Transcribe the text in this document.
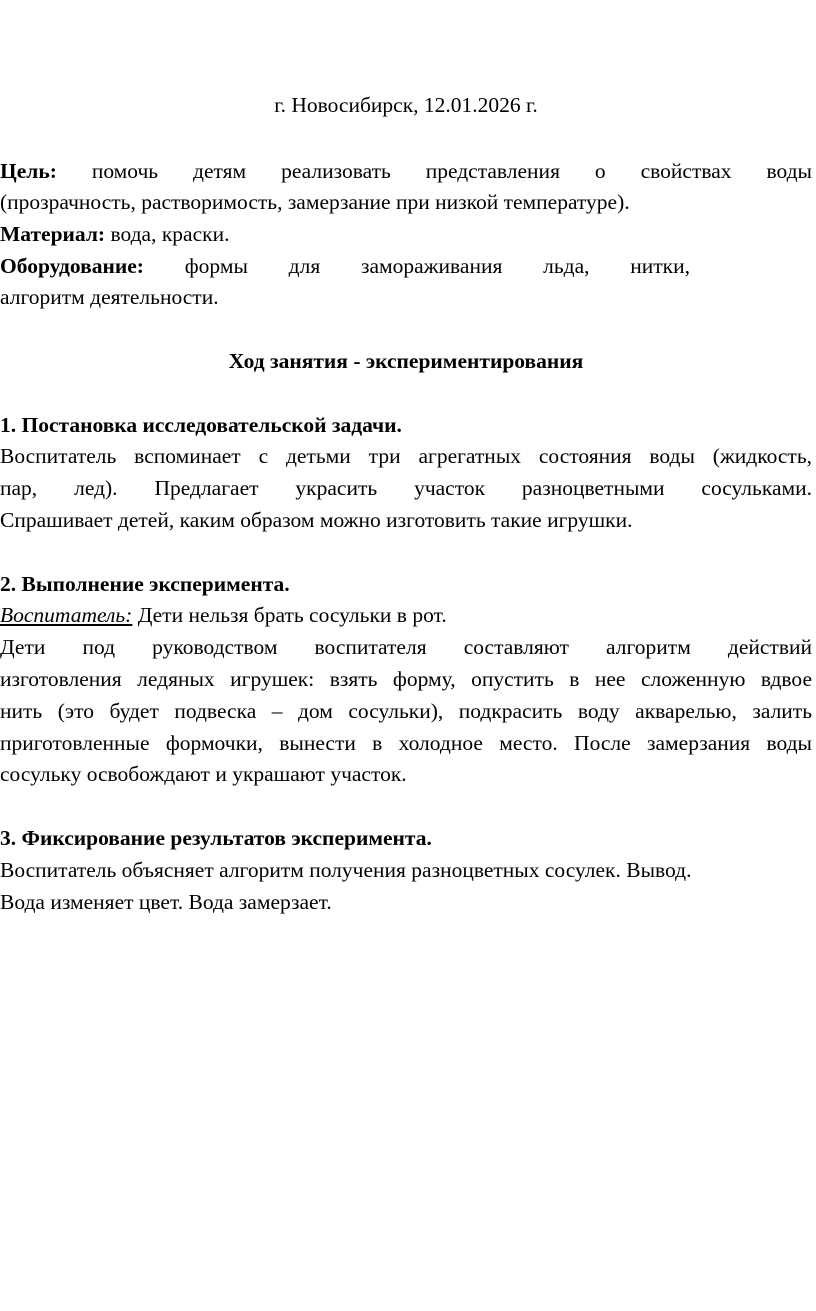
г. Новосибирск, 12.01.2026 г.
Цель: помочь детям реализовать представления о свойствах воды
(прозрачность, растворимость, замерзание при низкой температуре).
Материал: вода, краски.
Оборудование: формы для замораживания льда, нитки,
алгоритм деятельности.
Ход занятия - экспериментирования
1. Постановка исследовательской задачи.
Воспитатель вспоминает с детьми три агрегатных состояния воды (жидкость,
пар, лед). Предлагает украсить участок разноцветными сосульками.
Спрашивает детей, каким образом можно изготовить такие игрушки.
2. Выполнение эксперимента.
Воспитатель: Дети нельзя брать сосульки в рот.
Дети под руководством воспитателя составляют алгоритм действий
изготовления ледяных игрушек: взять форму, опустить в нее сложенную вдвое
нить (это будет подвеска – дом сосульки), подкрасить воду акварелью, залить
приготовленные формочки, вынести в холодное место. После замерзания воды
сосульку освобождают и украшают участок.
3. Фиксирование результатов эксперимента.
Воспитатель объясняет алгоритм получения разноцветных сосулек. Вывод.
Вода изменяет цвет. Вода замерзает.
